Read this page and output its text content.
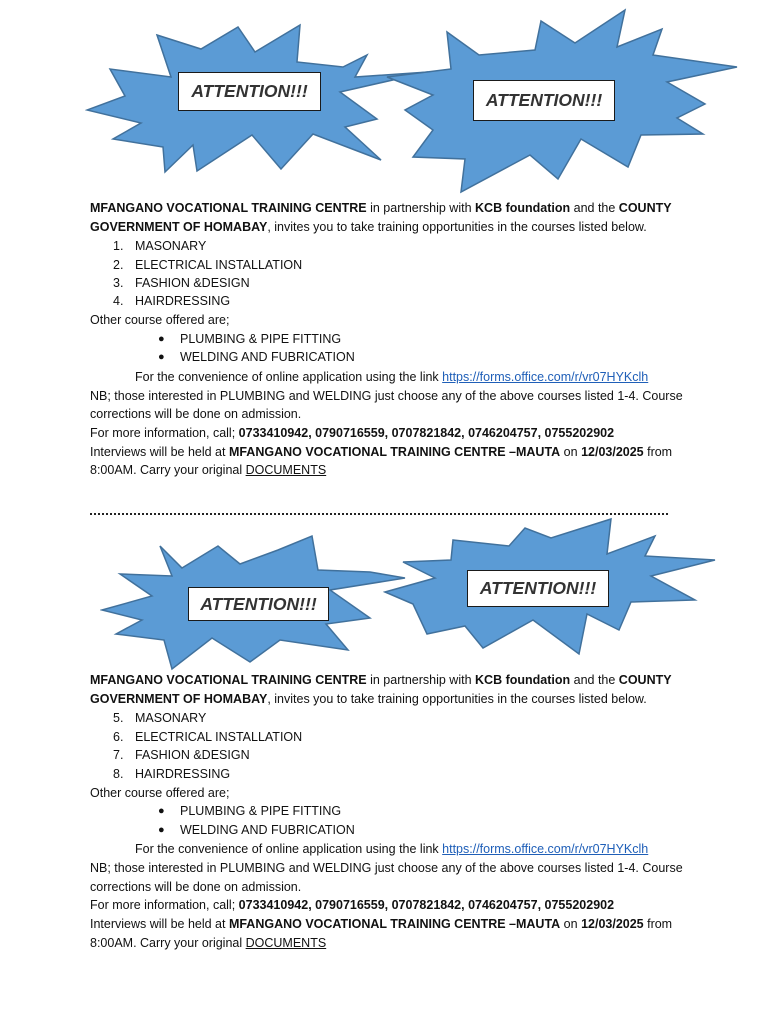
ATTENTION!!!	ATTENTION!!!
MFANGANO VOCATIONAL TRAINING CENTRE in partnership with KCB foundation and the COUNTY
GOVERNMENT OF HOMABAY, invites you to take training opportunities in the courses listed below.
1. MASONARY
2. ELECTRICAL INSTALLATION
3. FASHION &DESIGN
4. HAIRDRESSING
Other course offered are;
● PLUMBING & PIPE FITTING
● WELDING AND FUBRICATION
For the convenience of online application using the link https://forms.office.com/r/vr07HYKclh
NB; those interested in PLUMBING and WELDING just choose any of the above courses listed 1-4. Course
corrections will be done on admission.
For more information, call; 0733410942, 0790716559, 0707821842, 0746204757, 0755202902
Interviews will be held at MFANGANO VOCATIONAL TRAINING CENTRE –MAUTA on 12/03/2025 from
8:00AM. Carry your original DOCUMENTS
ATTENTION!!!
ATTENTION!!!
MFANGANO VOCATIONAL TRAINING CENTRE in partnership with KCB foundation and the COUNTY
GOVERNMENT OF HOMABAY, invites you to take training opportunities in the courses listed below.
5. MASONARY
6. ELECTRICAL INSTALLATION
7. FASHION &DESIGN
8. HAIRDRESSING
Other course offered are;
● PLUMBING & PIPE FITTING
● WELDING AND FUBRICATION
For the convenience of online application using the link https://forms.office.com/r/vr07HYKclh
NB; those interested in PLUMBING and WELDING just choose any of the above courses listed 1-4. Course
corrections will be done on admission.
For more information, call; 0733410942, 0790716559, 0707821842, 0746204757, 0755202902
Interviews will be held at MFANGANO VOCATIONAL TRAINING CENTRE –MAUTA on 12/03/2025 from
8:00AM. Carry your original DOCUMENTS
